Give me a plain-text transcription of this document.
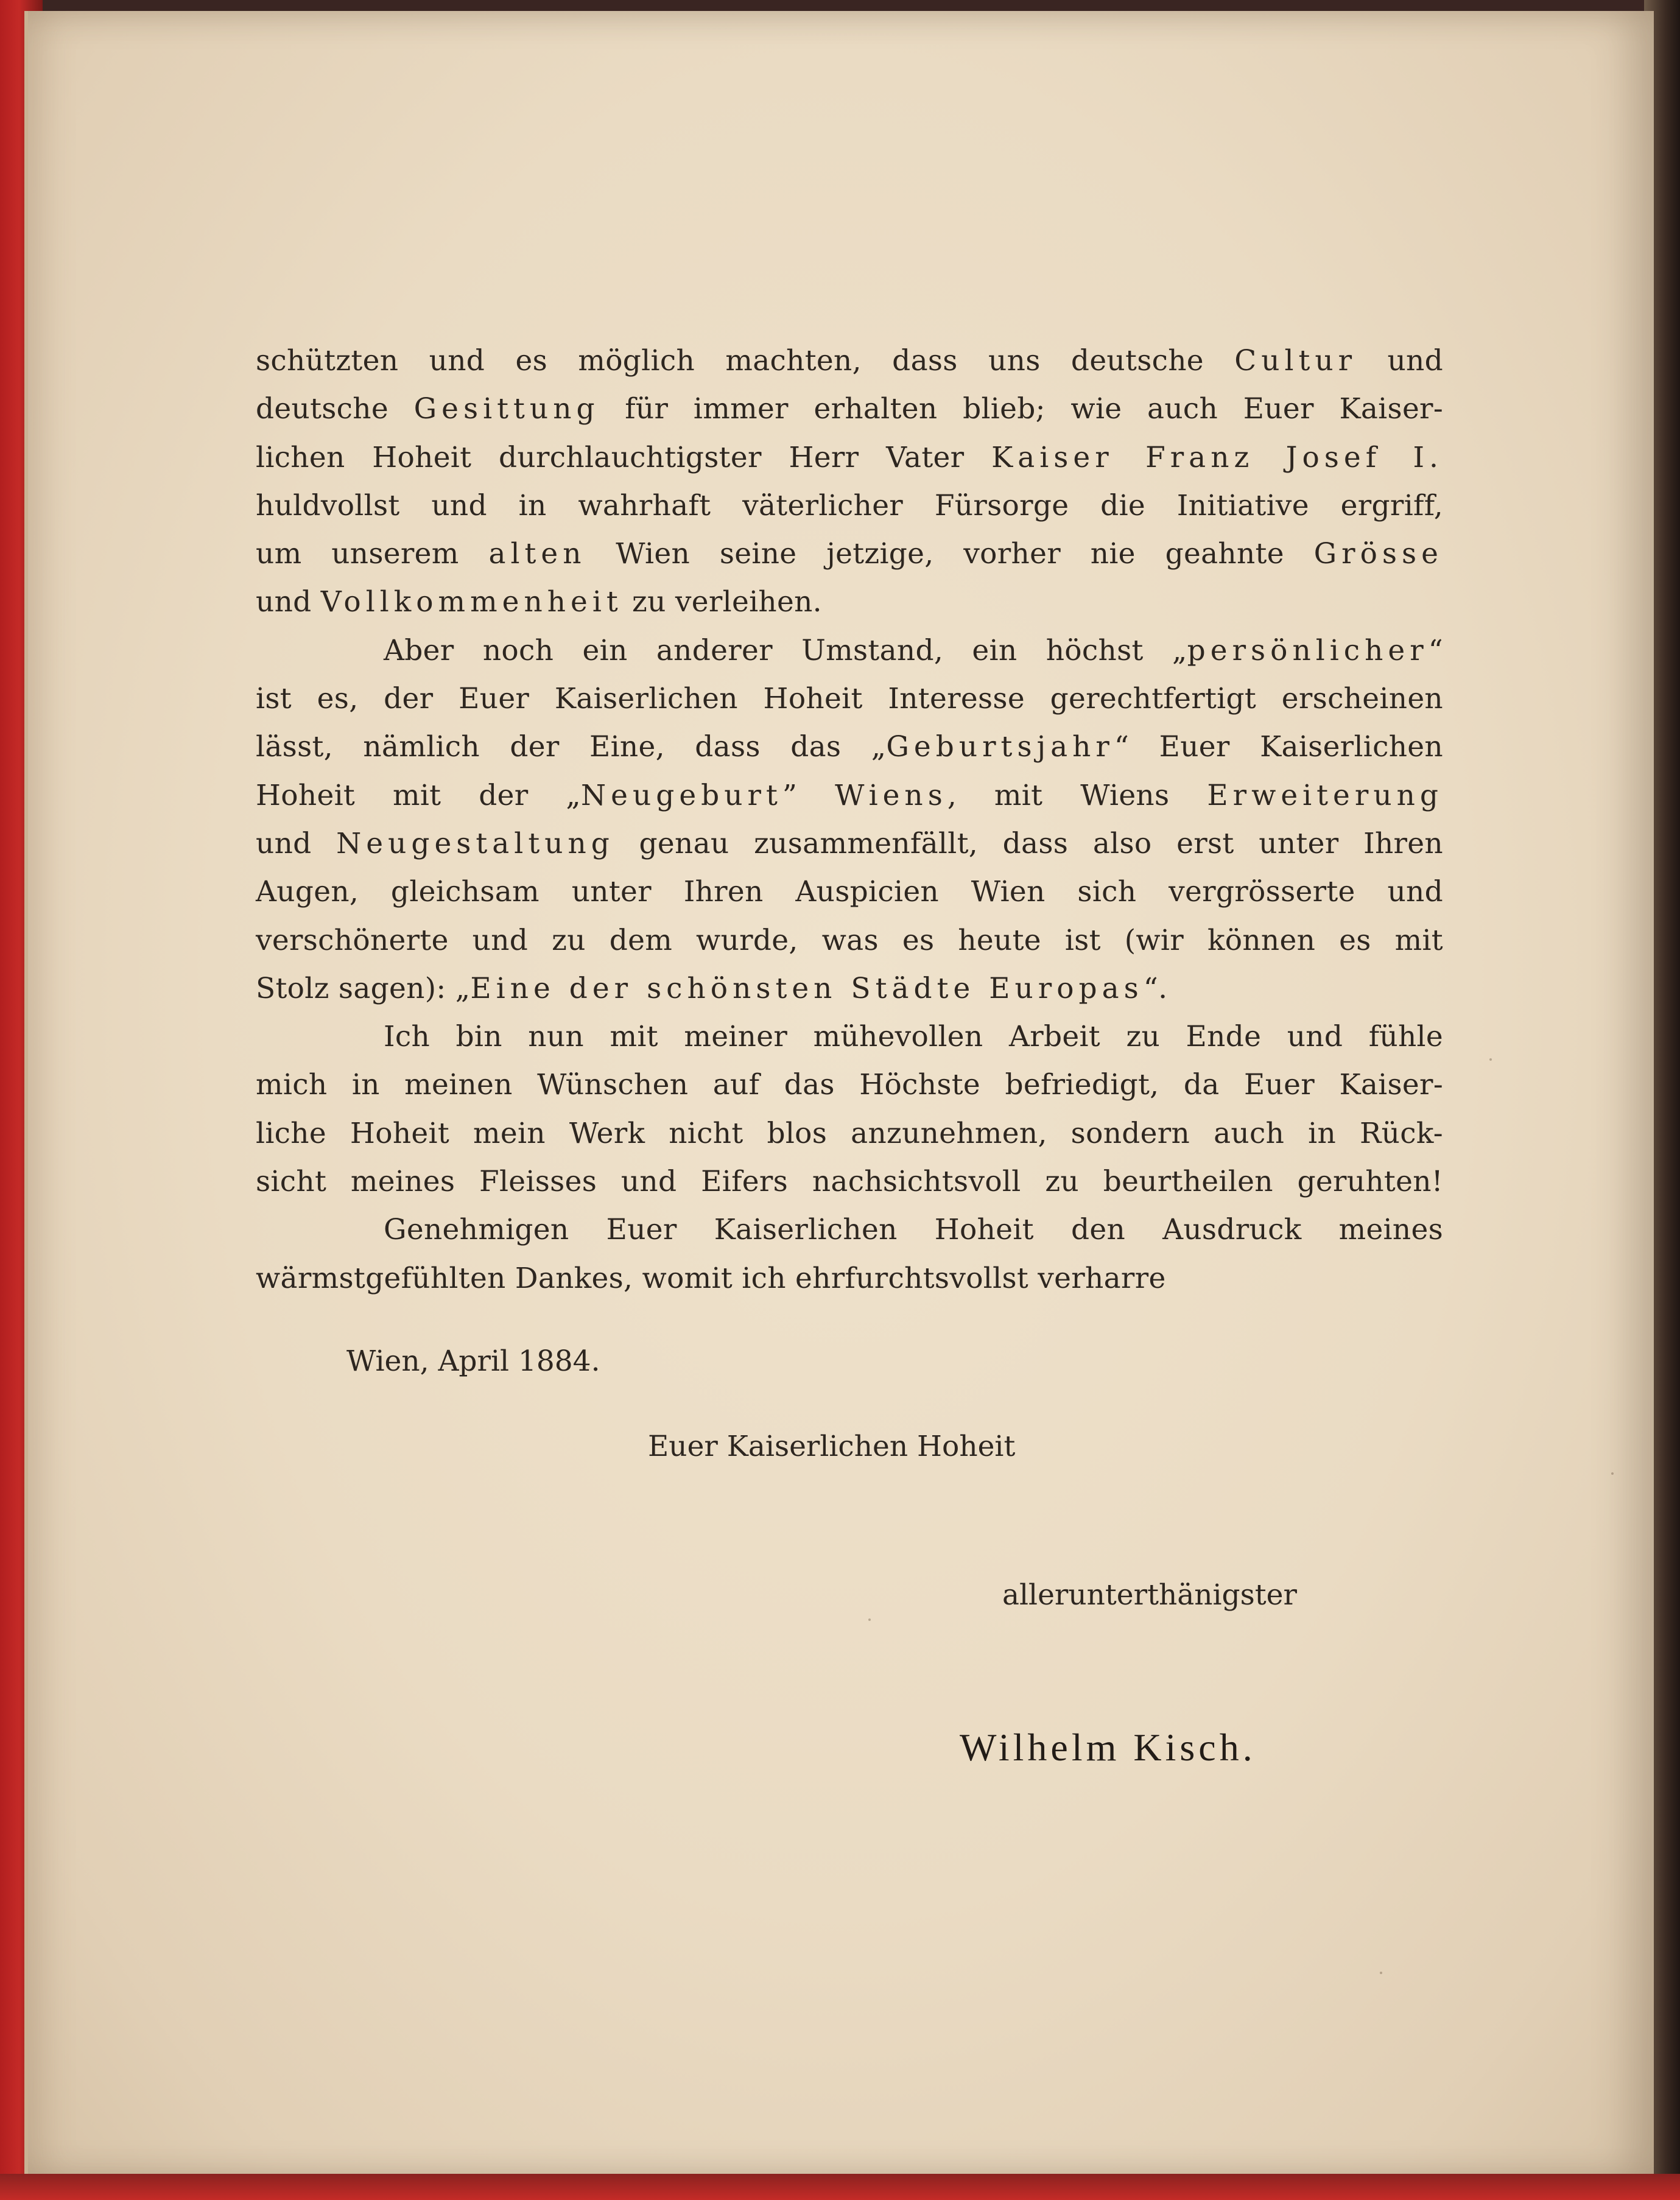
schützten und es möglich machten, dass uns deutsche Cultur und
deutsche Gesittung für immer erhalten blieb; wie auch Euer Kaiser-
lichen Hoheit durchlauchtigster Herr Vater Kaiser Franz Josef I.
huldvollst und in wahrhaft väterlicher Fürsorge die Initiative ergriff,
um unserem alten Wien seine jetzige, vorher nie geahnte Grösse
und Vollkommenheit zu verleihen.
Aber noch ein anderer Umstand, ein höchst „persönlicher“
ist es, der Euer Kaiserlichen Hoheit Interesse gerechtfertigt erscheinen
lässt, nämlich der Eine, dass das „Geburtsjahr“ Euer Kaiserlichen
Hoheit mit der „Neugeburt” Wiens, mit Wiens Erweiterung
und Neugestaltung genau zusammenfällt, dass also erst unter Ihren
Augen, gleichsam unter Ihren Auspicien Wien sich vergrösserte und
verschönerte und zu dem wurde, was es heute ist (wir können es mit
Stolz sagen): „Eine der schönsten Städte Europas“.
Ich bin nun mit meiner mühevollen Arbeit zu Ende und fühle
mich in meinen Wünschen auf das Höchste befriedigt, da Euer Kaiser-
liche Hoheit mein Werk nicht blos anzunehmen, sondern auch in Rück-
sicht meines Fleisses und Eifers nachsichtsvoll zu beurtheilen geruhten!
Genehmigen Euer Kaiserlichen Hoheit den Ausdruck meines
wärmstgefühlten Dankes, womit ich ehrfurchtsvollst verharre
Wien, April 1884.
Euer Kaiserlichen Hoheit
allerunterthänigster
Wilhelm Kisch.
